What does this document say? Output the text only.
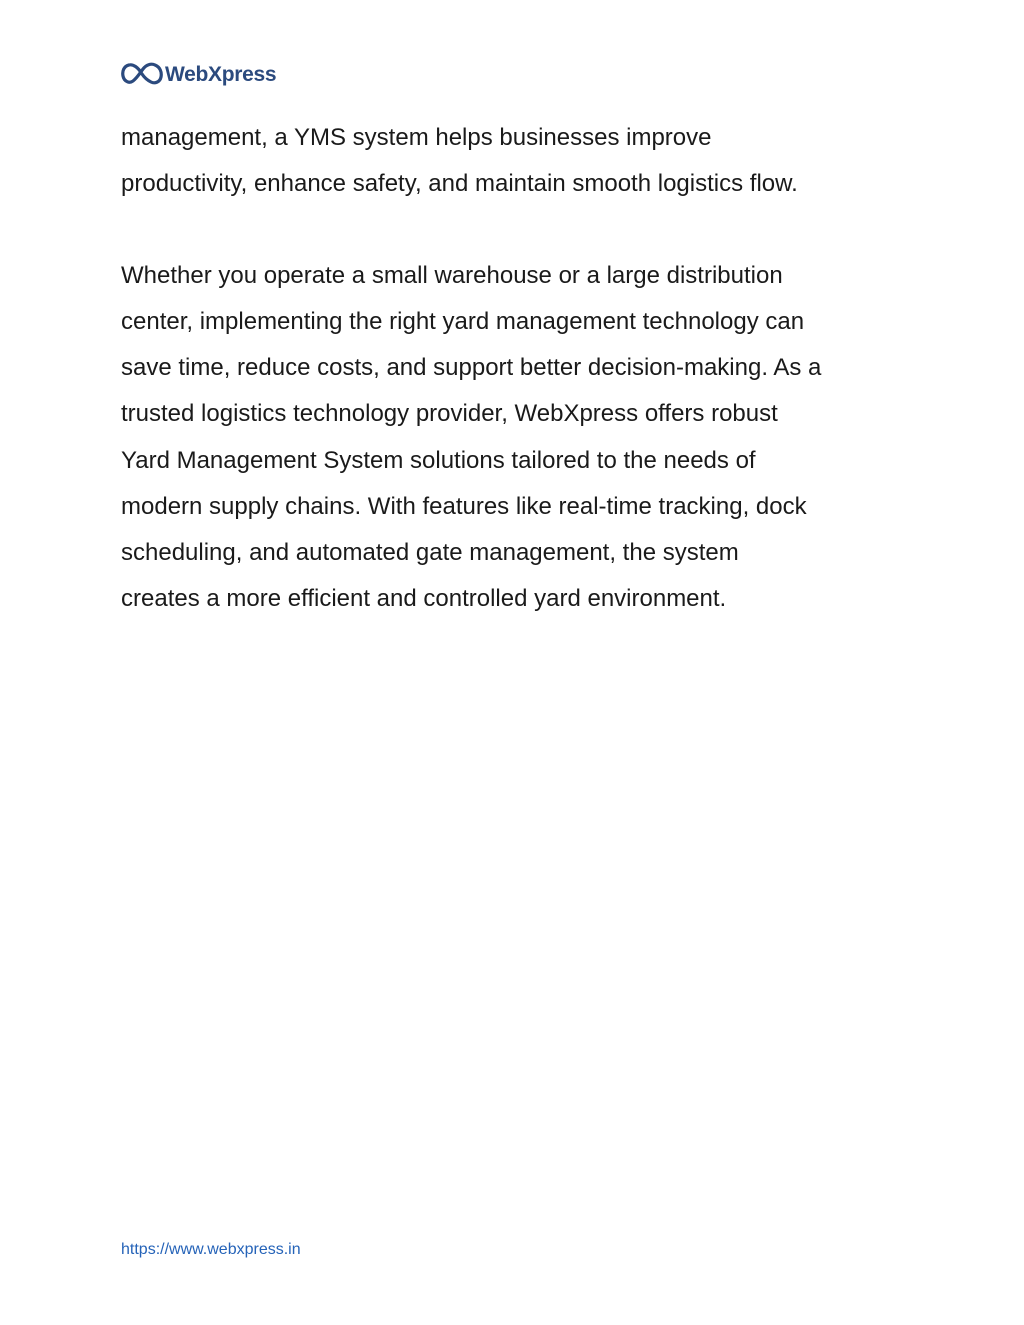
WebXpress

management, a YMS system helps businesses improve
productivity, enhance safety, and maintain smooth logistics flow.

Whether you operate a small warehouse or a large distribution
center, implementing the right yard management technology can
save time, reduce costs, and support better decision-making. As a
trusted logistics technology provider, WebXpress offers robust
Yard Management System solutions tailored to the needs of
modern supply chains. With features like real-time tracking, dock
scheduling, and automated gate management, the system
creates a more efficient and controlled yard environment.

https://www.webxpress.in
